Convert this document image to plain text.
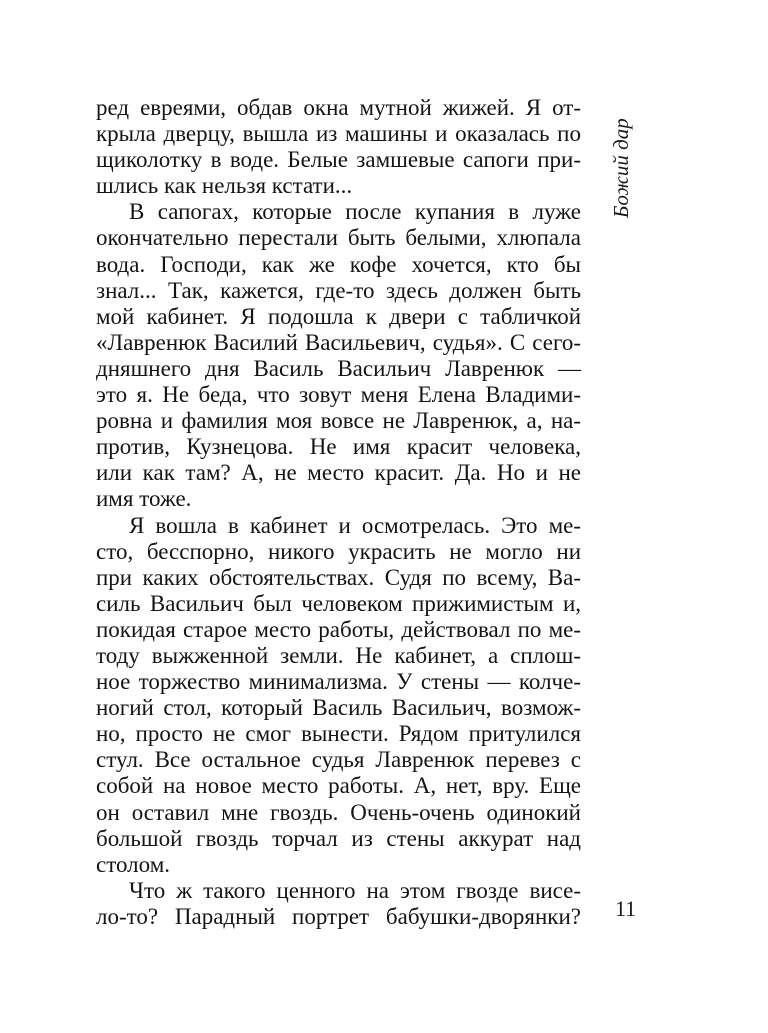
ред евреями, обдав окна мутной жижей. Я от-
крыла дверцу, вышла из машины и оказалась по
щиколотку в воде. Белые замшевые сапоги при-
шлись как нельзя кстати...
В сапогах, которые после купания в луже
окончательно перестали быть белыми, хлюпала
вода. Господи, как же кофе хочется, кто бы
знал... Так, кажется, где-то здесь должен быть
мой кабинет. Я подошла к двери с табличкой
«Лавренюк Василий Васильевич, судья». С сего-
дняшнего дня Василь Васильич Лавренюк —
это я. Не беда, что зовут меня Елена Владими-
ровна и фамилия моя вовсе не Лавренюк, а, на-
против, Кузнецова. Не имя красит человека,
или как там? А, не место красит. Да. Но и не
имя тоже.
Я вошла в кабинет и осмотрелась. Это ме-
сто, бесспорно, никого украсить не могло ни
при каких обстоятельствах. Судя по всему, Ва-
силь Васильич был человеком прижимистым и,
покидая старое место работы, действовал по ме-
тоду выжженной земли. Не кабинет, а сплош-
ное торжество минимализма. У стены — колче-
ногий стол, который Василь Васильич, возмож-
но, просто не смог вынести. Рядом притулился
стул. Все остальное судья Лавренюк перевез с
собой на новое место работы. А, нет, вру. Еще
он оставил мне гвоздь. Очень-очень одинокий
большой гвоздь торчал из стены аккурат над
столом.
Что ж такого ценного на этом гвозде висе-
ло-то? Парадный портрет бабушки-дворянки?
Божий дар
11
